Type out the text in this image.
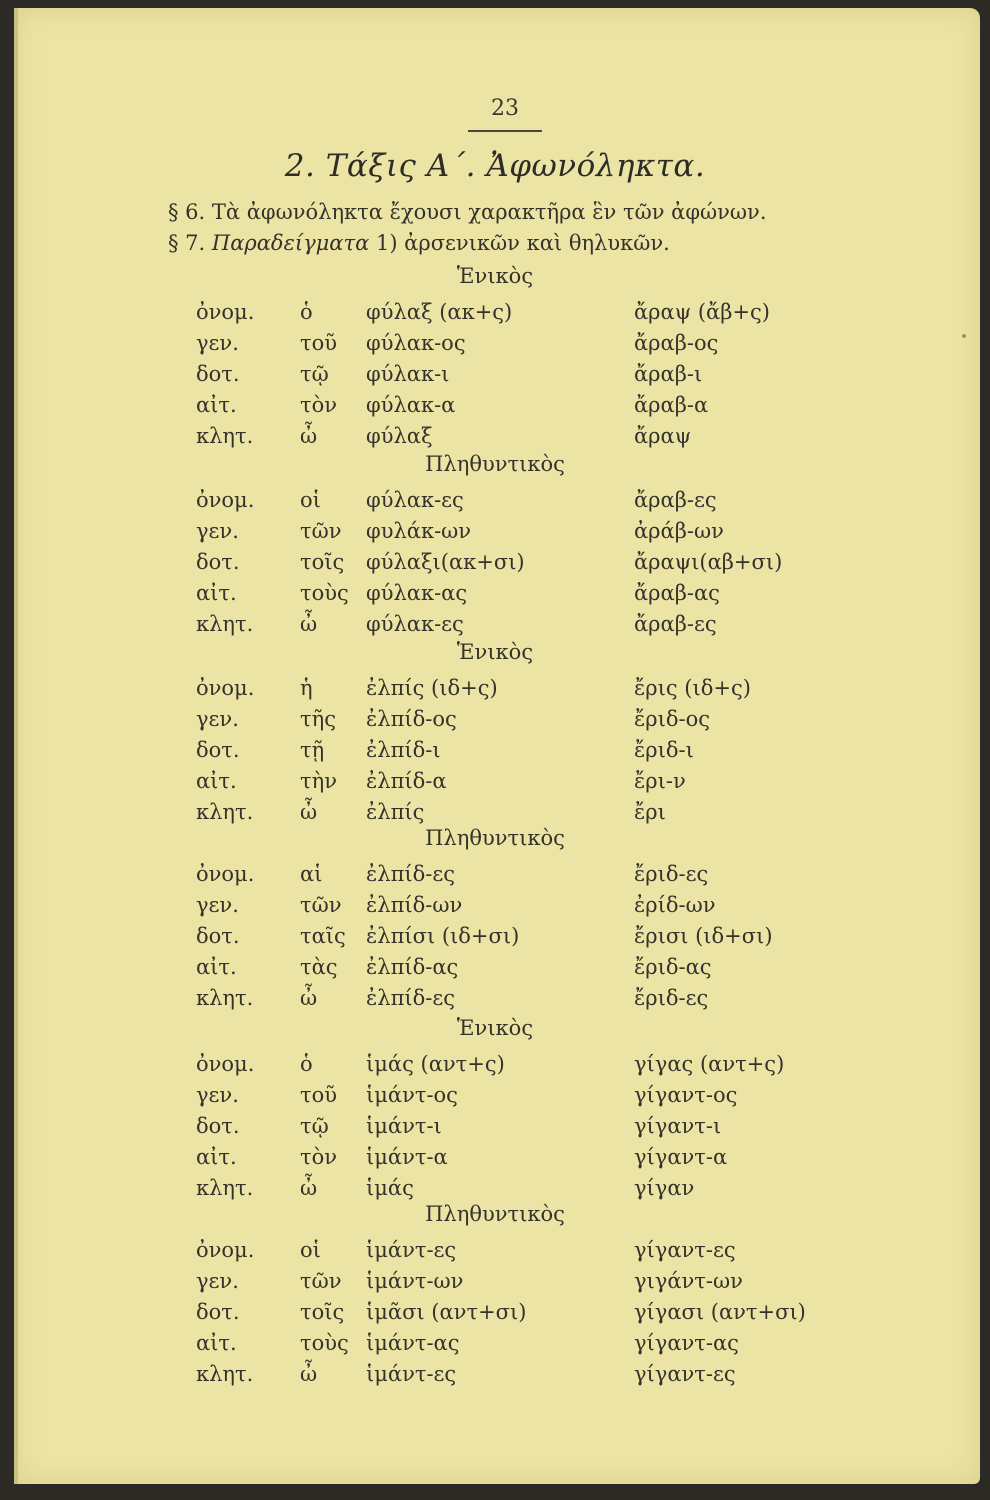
23
2. Τάξις Α΄. Ἀφωνόληκτα.
§ 6. Τὰ ἀφωνόληκτα ἔχουσι χαρακτῆρα ἓν τῶν ἀφώνων.
§ 7. Παραδείγματα 1) ἀρσενικῶν καὶ θηλυκῶν.
Ἑνικὸς
ὀνομ. ὁ	φύλαξ (ακ+ς)	ἄραψ (ἄβ+ς)
γεν.	τοῦ φύλακ-ος	ἄραβ-ος
δοτ.	τῷ φύλακ-ι	ἄραβ-ι
αἰτ.	τὸν φύλακ-α	ἄραβ-α
κλητ. ὦ φύλαξ	ἄραψ
Πληθυντικὸς
ὀνομ. οἱ φύλακ-ες	ἄραβ-ες
γεν.	τῶν φυλάκ-ων	ἀράβ-ων
δοτ.	τοῖς φύλαξι(ακ+σι)	ἄραψι(αβ+σι)
αἰτ.	τοὺς φύλακ-ας	ἄραβ-ας
κλητ. ὦ φύλακ-ες	ἄραβ-ες
Ἑνικὸς
ὀνομ. ἡ	ἐλπίς (ιδ+ς)	ἔρις (ιδ+ς)
γεν.	τῆς ἐλπίδ-ος	ἔριδ-ος
δοτ.	τῇ ἐλπίδ-ι	ἔριδ-ι
αἰτ.	τὴν ἐλπίδ-α	ἔρι-ν
κλητ. ὦ ἐλπίς	ἔρι
Πληθυντικὸς
ὀνομ. αἱ ἐλπίδ-ες	ἔριδ-ες
γεν.	τῶν ἐλπίδ-ων	ἐρίδ-ων
δοτ.	ταῖς ἐλπίσι (ιδ+σι)	ἔρισι (ιδ+σι)
αἰτ.	τὰς ἐλπίδ-ας	ἔριδ-ας
κλητ. ὦ ἐλπίδ-ες	ἔριδ-ες
Ἑνικὸς
ὀνομ. ὁ	ἱμάς (αντ+ς)	γίγας (αντ+ς)
γεν.	τοῦ ἱμάντ-ος	γίγαντ-ος
δοτ.	τῷ ἱμάντ-ι	γίγαντ-ι
αἰτ.	τὸν ἱμάντ-α	γίγαντ-α
κλητ. ὦ ἱμάς	γίγαν
Πληθυντικὸς
ὀνομ. οἱ ἱμάντ-ες	γίγαντ-ες
γεν.	τῶν ἱμάντ-ων	γιγάντ-ων
δοτ.	τοῖς ἱμᾶσι (αντ+σι)	γίγασι (αντ+σι)
αἰτ.	τοὺς ἱμάντ-ας	γίγαντ-ας
κλητ. ὦ ἱμάντ-ες	γίγαντ-ες
